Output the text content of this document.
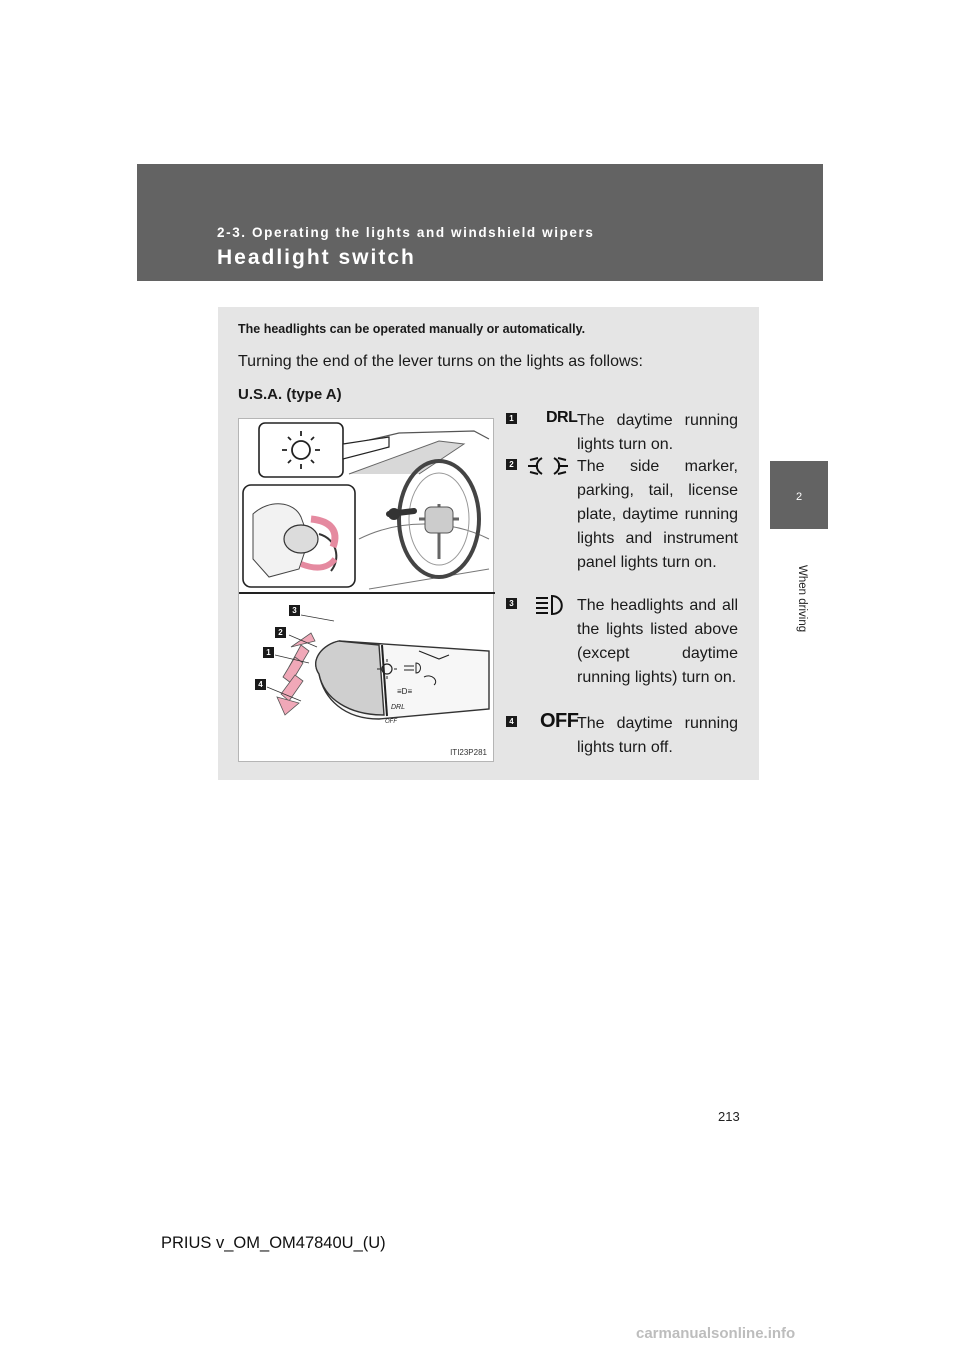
2-3. Operating the lights and windshield wipers
Headlight switch
2
When driving
The headlights can be operated manually or automatically.
Turning the end of the lever turns on the lights as follows:
U.S.A. (type A)
≡D≡
DRL
OFF
3
2
1
4
ITI23P281
1 DRL The daytime running lights turn on.
2	The side marker, parking, tail, license plate, daytime running lights and instrument panel lights turn on.
3	The headlights and all the lights listed above (except daytime running lights) turn on.
4 OFF
The daytime running lights turn off.
213
PRIUS v_OM_OM47840U_(U)
carmanualsonline.info
